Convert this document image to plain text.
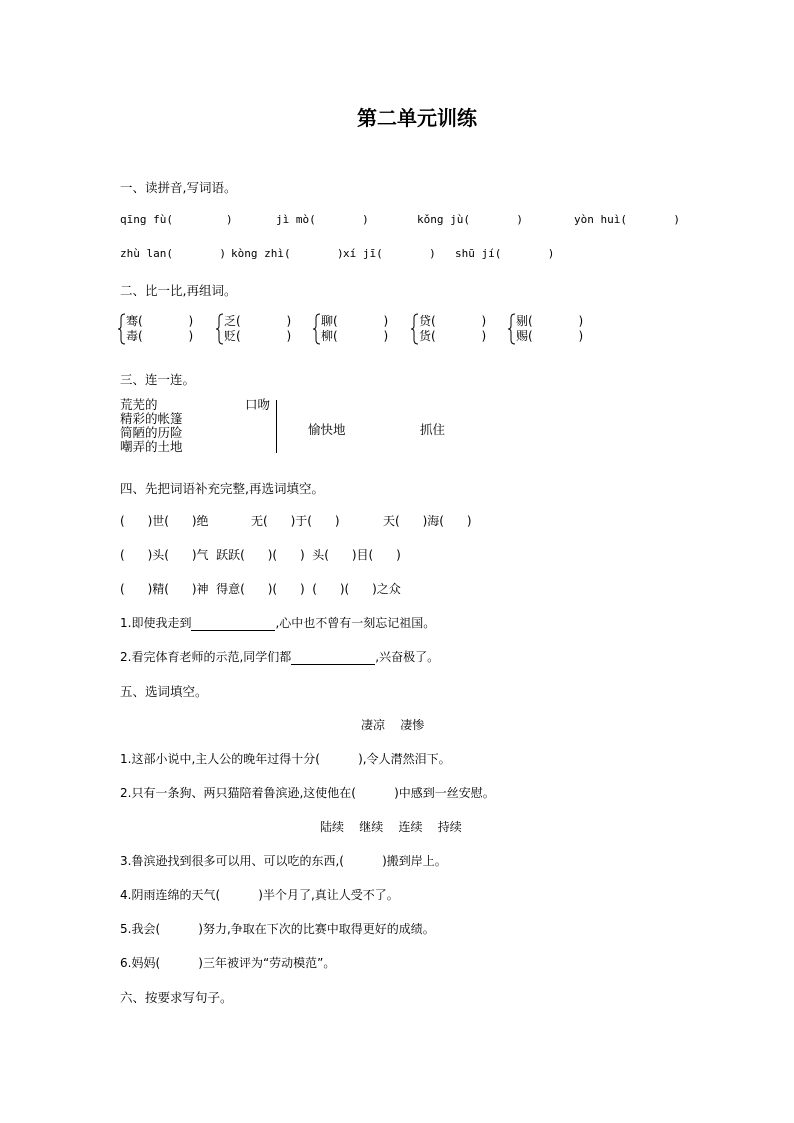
第二单元训练
一、读拼音,写词语。
qīng fù(        )	jì mò(       )	kǒng jù(       )	yòn huì(       )
zhù lan(       ) kòng zhì(       ) xí jī(       ) shū jí(       )
二、比一比,再组词。
骞(            )
毒(            )
乏(            )
贬(            )
聊(            )
柳(            )
贷(            )
货(            )
剔(            )
赐(            )
三、连一连。
荒芜的
精彩的帐篷
简陋的历险
嘲弄的土地
口吻
愉快地	抓住
四、先把词语补充完整,再选词填空。
(      )世(      )绝	无(      )于(      )	天(      )海(      )
(      )头(      )气  跃跃(      )(      )  头(      )目(      )
(      )精(      )神  得意(      )(      )  (      )(      )之众
1.即使我走到	,心中也不曾有一刻忘记祖国。
2.看完体育老师的示范,同学们都	,兴奋极了。
五、选词填空。
凄凉    凄惨
1.这部小说中,主人公的晚年过得十分(          ),令人潸然泪下。
2.只有一条狗、两只猫陪着鲁滨逊,这使他在(          )中感到一丝安慰。
陆续    继续    连续    持续
3.鲁滨逊找到很多可以用、可以吃的东西,(          )搬到岸上。
4.阴雨连绵的天气(          )半个月了,真让人受不了。
5.我会(          )努力,争取在下次的比赛中取得更好的成绩。
6.妈妈(          )三年被评为“劳动模范”。
六、按要求写句子。
